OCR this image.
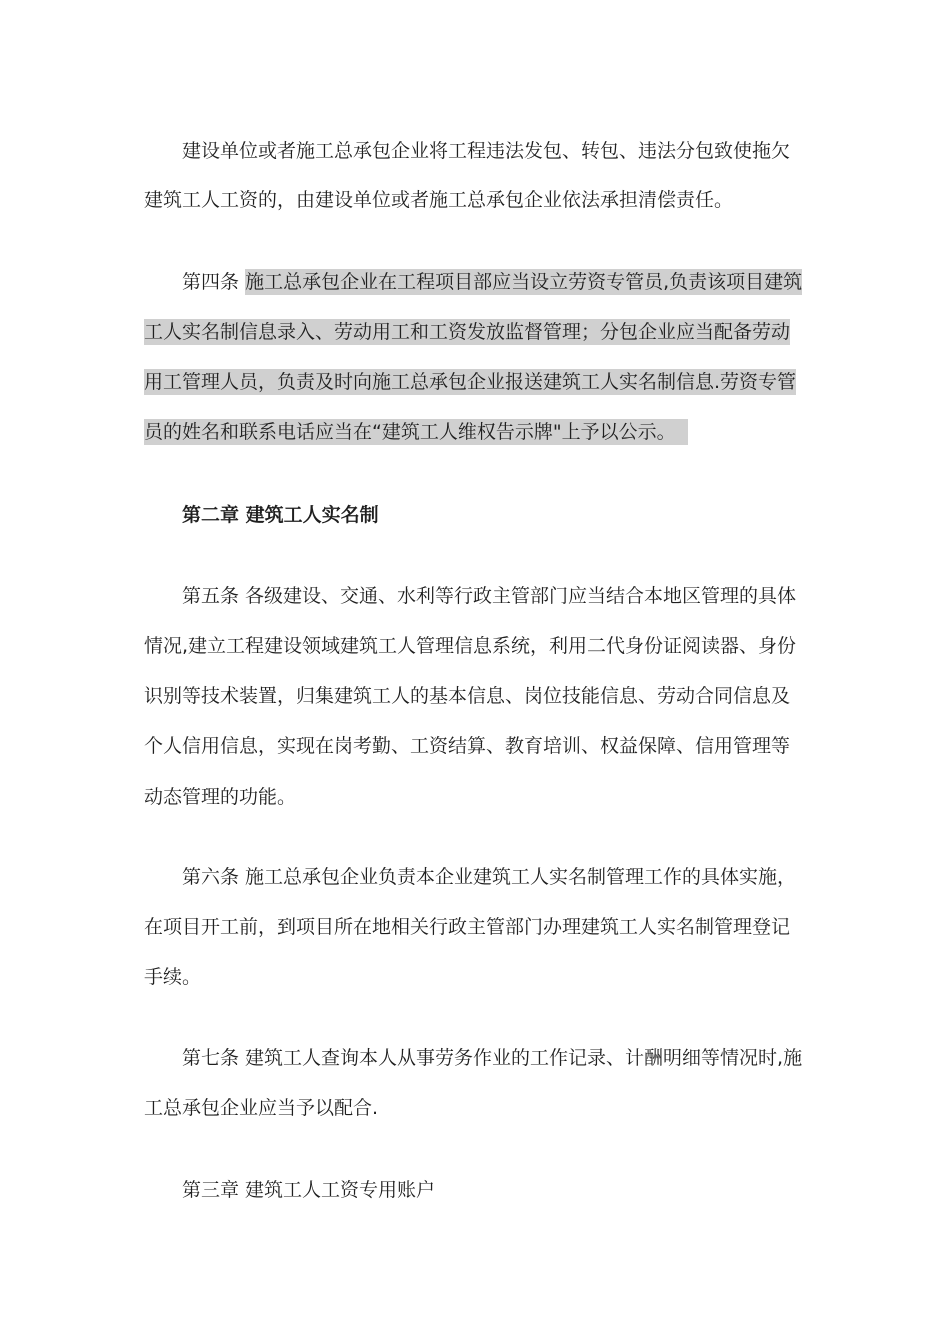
建设单位或者施工总承包企业将工程违法发包、转包、违法分包致使拖欠
建筑工人工资的，由建设单位或者施工总承包企业依法承担清偿责任。
第四条 施工总承包企业在工程项目部应当设立劳资专管员,负责该项目建筑
工人实名制信息录入、劳动用工和工资发放监督管理；分包企业应当配备劳动
用工管理人员，负责及时向施工总承包企业报送建筑工人实名制信息.劳资专管
员的姓名和联系电话应当在“建筑工人维权告示牌"上予以公示。
第二章 建筑工人实名制
第五条 各级建设、交通、水利等行政主管部门应当结合本地区管理的具体
情况,建立工程建设领域建筑工人管理信息系统，利用二代身份证阅读器、身份
识别等技术装置，归集建筑工人的基本信息、岗位技能信息、劳动合同信息及
个人信用信息，实现在岗考勤、工资结算、教育培训、权益保障、信用管理等
动态管理的功能。
第六条 施工总承包企业负责本企业建筑工人实名制管理工作的具体实施，
在项目开工前，到项目所在地相关行政主管部门办理建筑工人实名制管理登记
手续。
第七条 建筑工人查询本人从事劳务作业的工作记录、计酬明细等情况时,施
工总承包企业应当予以配合.
第三章 建筑工人工资专用账户
